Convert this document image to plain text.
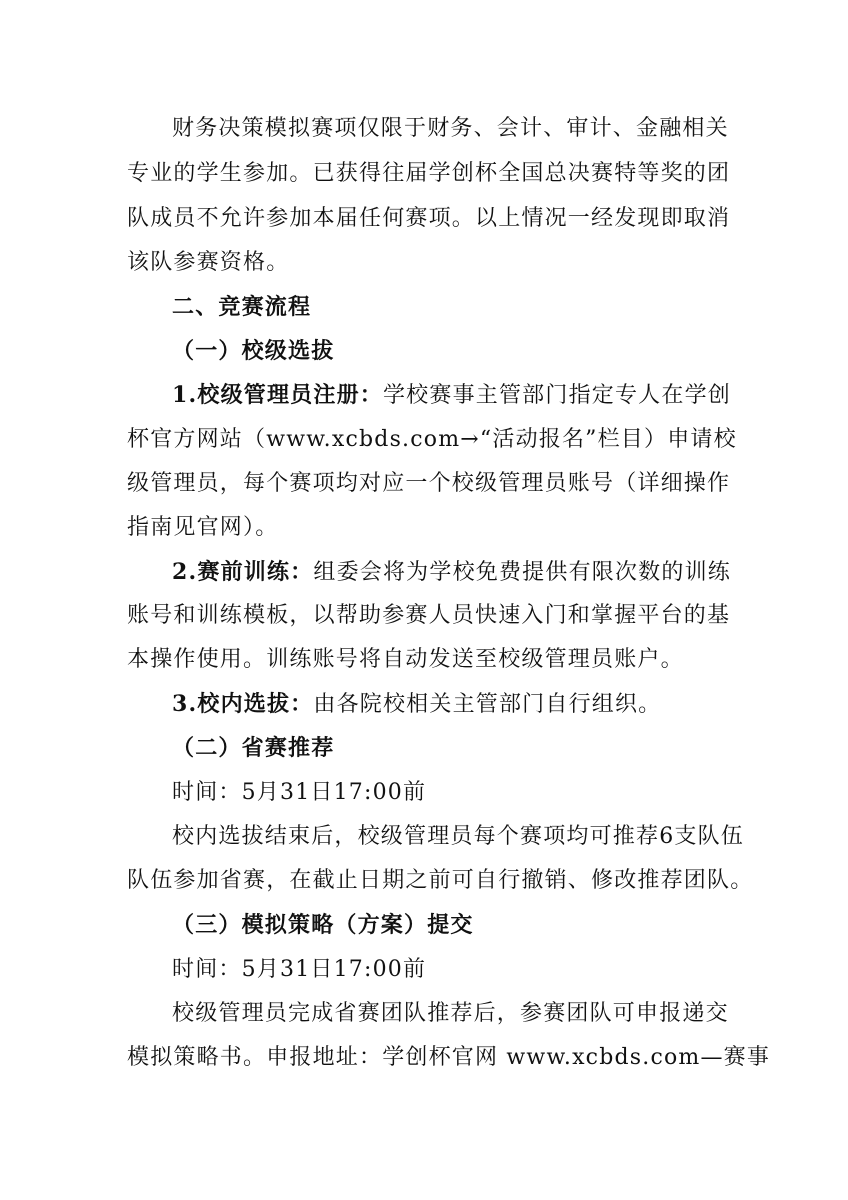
财务决策模拟赛项仅限于财务、会计、审计、金融相关
专业的学生参加。已获得往届学创杯全国总决赛特等奖的团
队成员不允许参加本届任何赛项。以上情况一经发现即取消
该队参赛资格。
二、竞赛流程
（一）校级选拔
1.校级管理员注册：学校赛事主管部门指定专人在学创
杯官方网站（www.xcbds.com→“活动报名”栏目）申请校
级管理员，每个赛项均对应一个校级管理员账号（详细操作
指南见官网）。
2.赛前训练：组委会将为学校免费提供有限次数的训练
账号和训练模板，以帮助参赛人员快速入门和掌握平台的基
本操作使用。训练账号将自动发送至校级管理员账户。
3.校内选拔：由各院校相关主管部门自行组织。
（二）省赛推荐
时间：5月31日17:00前
校内选拔结束后，校级管理员每个赛项均可推荐6支队伍
队伍参加省赛，在截止日期之前可自行撤销、修改推荐团队。
（三）模拟策略（方案）提交
时间：5月31日17:00前
校级管理员完成省赛团队推荐后，参赛团队可申报递交
模拟策略书。申报地址：学创杯官网 www.xcbds.com—赛事
